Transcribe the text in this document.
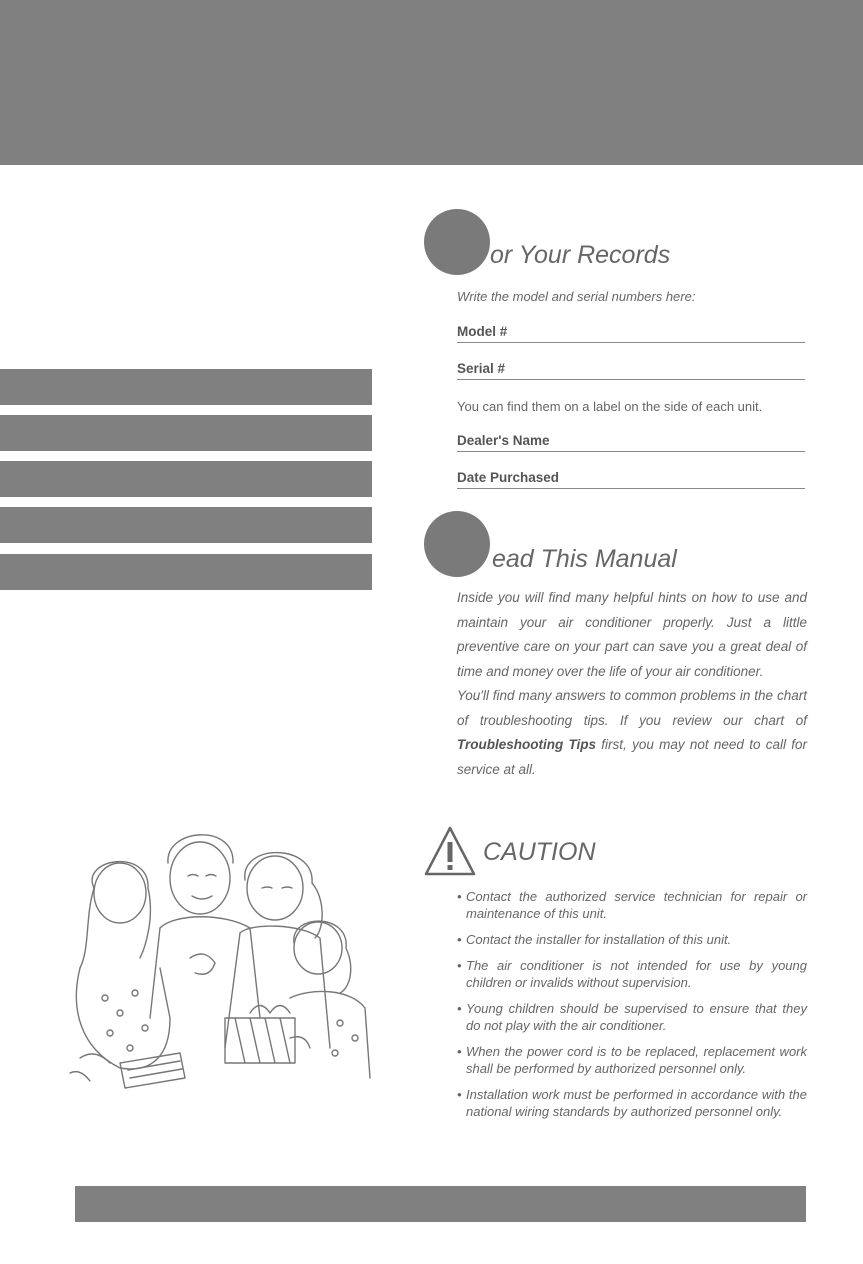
or Your Records
Write the model and serial numbers here:
Model #
Serial #
You can find them on a label on the side of each unit.
Dealer's Name
Date Purchased
ead This Manual

Inside you will find many helpful hints on how to use and maintain your air conditioner properly. Just a little preventive care on your part can save you a great deal of time and money over the life of your air conditioner.

You'll find many answers to common problems in the chart of troubleshooting tips. If you review our chart of Troubleshooting Tips first, you may not need to call for service at all.

CAUTION
• Contact the authorized service technician for repair or maintenance of this unit.
• Contact the installer for installation of this unit.
• The air conditioner is not intended for use by young children or invalids without supervision.
• Young children should be supervised to ensure that they do not play with the air conditioner.
• When the power cord is to be replaced, replacement work shall be performed by authorized personnel only.
• Installation work must be performed in accordance with the national wiring standards by authorized personnel only.
